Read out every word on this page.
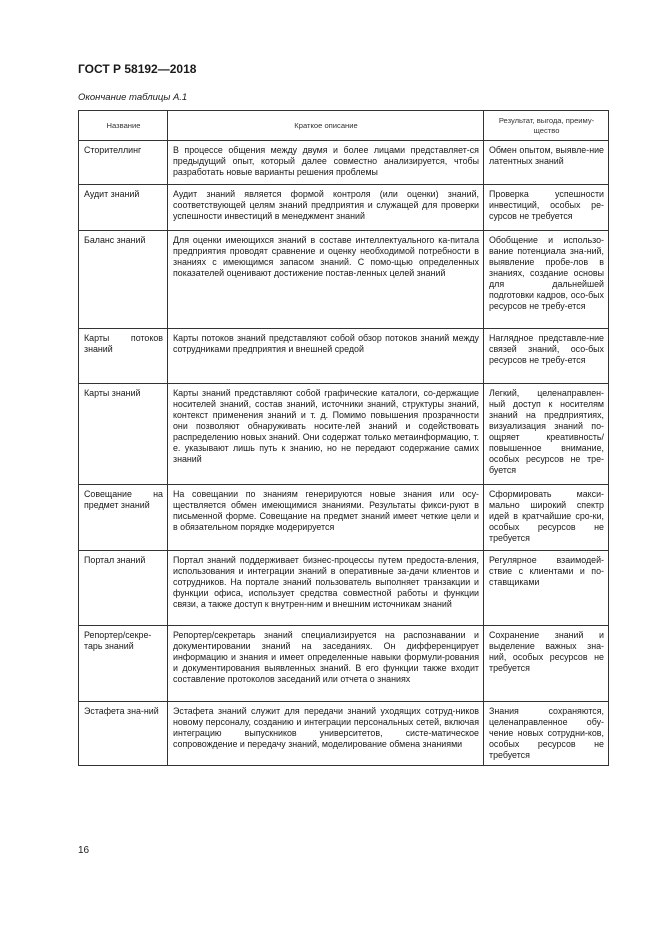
ГОСТ Р 58192—2018
Окончание таблицы А.1
Название	Краткое описание	Результат, выгода, преиму-щество
Сторителлинг	В процессе общения между двумя и более лицами представляет-ся предыдущий опыт, который далее совместно анализируется, чтобы разработать новые варианты решения проблемы	Обмен опытом, выявле-ние латентных знаний
Аудит знаний	Аудит знаний является формой контроля (или оценки) знаний, соответствующей целям знаний предприятия и служащей для проверки успешности инвестиций в менеджмент знаний	Проверка успешности инвестиций, особых ре-сурсов не требуется
Баланс знаний	Для оценки имеющихся знаний в составе интеллектуального ка-питала предприятия проводят сравнение и оценку необходимой потребности в знаниях с имеющимся запасом знаний. С помо-щью определенных показателей оценивают достижение постав-ленных целей знаний	Обобщение и использо-вание потенциала зна-ний, выявление пробе-лов в знаниях, создание основы для дальнейшей подготовки кадров, осо-бых ресурсов не требу-ется
Карты потоков знаний	Карты потоков знаний представляют собой обзор потоков знаний между сотрудниками предприятия и внешней средой	Наглядное представле-ние связей знаний, осо-бых ресурсов не требу-ется
Карты знаний	Карты знаний представляют собой графические каталоги, со-держащие носителей знаний, состав знаний, источники знаний, структуры знаний, контекст применения знаний и т. д. Помимо повышения прозрачности они позволяют обнаруживать носите-лей знаний и содействовать распределению новых знаний. Они содержат только метаинформацию, т. е. указывают лишь путь к знанию, но не передают содержание самих знаний	Легкий, целенаправлен-ный доступ к носителям знаний на предприятиях, визуализация знаний по-ощряет креативность/ повышенное внимание, особых ресурсов не тре-буется
Совещание на предмет знаний	На совещании по знаниям генерируются новые знания или осу-ществляется обмен имеющимися знаниями. Результаты фикси-руют в письменной форме. Совещание на предмет знаний имеет четкие цели и в обязательном порядке модерируется	Сформировать макси-мально широкий спектр идей в кратчайшие сро-ки, особых ресурсов не требуется
Портал знаний	Портал знаний поддерживает бизнес-процессы путем предоста-вления, использования и интеграции знаний в оперативные за-дачи клиентов и сотрудников. На портале знаний пользователь выполняет транзакции и функции офиса, использует средства совместной работы и функции связи, а также доступ к внутрен-ним и внешним источникам знаний	Регулярное взаимодей-ствие с клиентами и по-ставщиками
Репортер/секре-тарь знаний	Репортер/секретарь знаний специализируется на распознавании и документировании знаний на заседаниях. Он дифференцирует информацию и знания и имеет определенные навыки формули-рования и документирования выявленных знаний. В его функции также входит составление протоколов заседаний или отчета о знаниях	Сохранение знаний и выделение важных зна-ний, особых ресурсов не требуется
Эстафета зна-ний	Эстафета знаний служит для передачи знаний уходящих сотруд-ников новому персоналу, созданию и интеграции персональных сетей, включая интеграцию выпускников университетов, систе-матическое сопровождение и передачу знаний, моделирование обмена знаниями	Знания сохраняются, целенаправленное обу-чение новых сотрудни-ков, особых ресурсов не требуется
16
